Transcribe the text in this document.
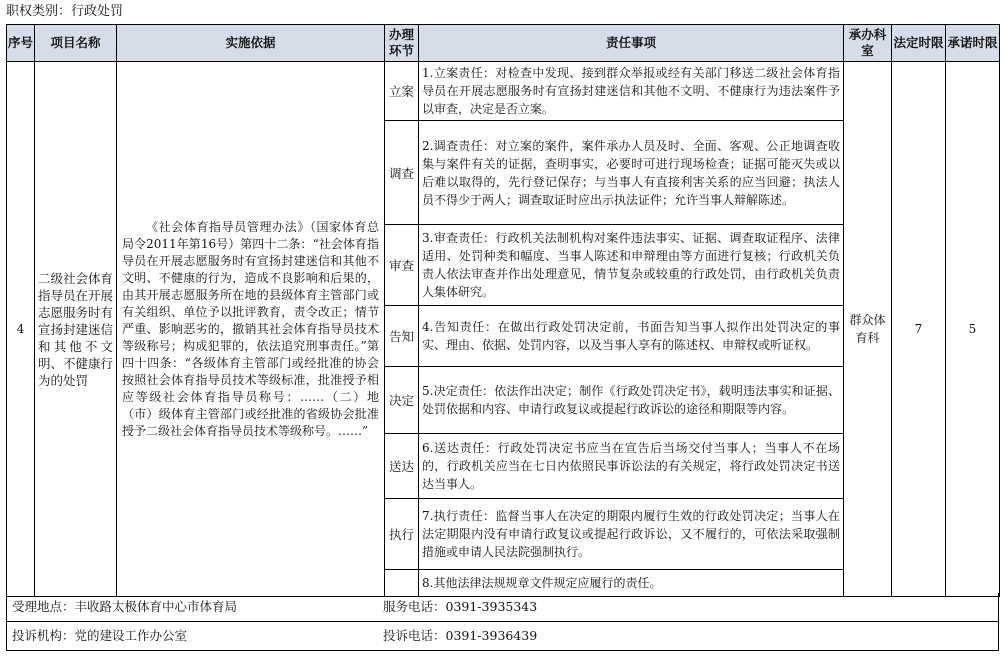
职权类别：行政处罚
序号	项目名称	实施依据	办理环节	责任事项	承办科室	法定时限	承诺时限
4	二级社会体育指导员在开展志愿服务时有宣扬封建迷信和其他不文明、不健康行为的处罚	《社会体育指导员管理办法》（国家体育总局令2011年第16号）第四十二条：“社会体育指导员在开展志愿服务时有宣扬封建迷信和其他不文明、不健康的行为，造成不良影响和后果的，由其开展志愿服务所在地的县级体育主管部门或有关组织、单位予以批评教育，责令改正；情节严重、影响恶劣的，撤销其社会体育指导员技术等级称号；构成犯罪的，依法追究刑事责任。”第四十四条：“各级体育主管部门或经批准的协会按照社会体育指导员技术等级标准，批准授予相应等级社会体育指导员称号：……（二）地（市）级体育主管部门或经批准的省级协会批准授予二级社会体育指导员技术等级称号。……”	立案	1.立案责任：对检查中发现、接到群众举报或经有关部门移送二级社会体育指导员在开展志愿服务时有宣扬封建迷信和其他不文明、不健康行为违法案件予以审查，决定是否立案。	群众体育科	7	5
			调查	2.调查责任：对立案的案件，案件承办人员及时、全面、客观、公正地调查收集与案件有关的证据，查明事实，必要时可进行现场检查；证据可能灭失或以后难以取得的，先行登记保存；与当事人有直接利害关系的应当回避；执法人员不得少于两人；调查取证时应出示执法证件；允许当事人辩解陈述。			
			审查	3.审查责任：行政机关法制机构对案件违法事实、证据、调查取证程序、法律适用、处罚种类和幅度、当事人陈述和申辩理由等方面进行复核；行政机关负责人依法审查并作出处理意见，情节复杂或较重的行政处罚，由行政机关负责人集体研究。			
			告知	4.告知责任：在做出行政处罚决定前，书面告知当事人拟作出处罚决定的事实、理由、依据、处罚内容，以及当事人享有的陈述权、申辩权或听证权。			
			决定	5.决定责任：依法作出决定；制作《行政处罚决定书》，载明违法事实和证据、处罚依据和内容、申请行政复议或提起行政诉讼的途径和期限等内容。			
			送达	6.送达责任：行政处罚决定书应当在宣告后当场交付当事人；当事人不在场的，行政机关应当在七日内依照民事诉讼法的有关规定，将行政处罚决定书送达当事人。			
			执行	7.执行责任：监督当事人在决定的期限内履行生效的行政处罚决定；当事人在法定期限内没有申请行政复议或提起行政诉讼，又不履行的，可依法采取强制措施或申请人民法院强制执行。			
				8.其他法律法规规章文件规定应履行的责任。			
受理地点：丰收路太极体育中心市体育局	服务电话：0391-3935343
投诉机构：党的建设工作办公室	投诉电话：0391-3936439
